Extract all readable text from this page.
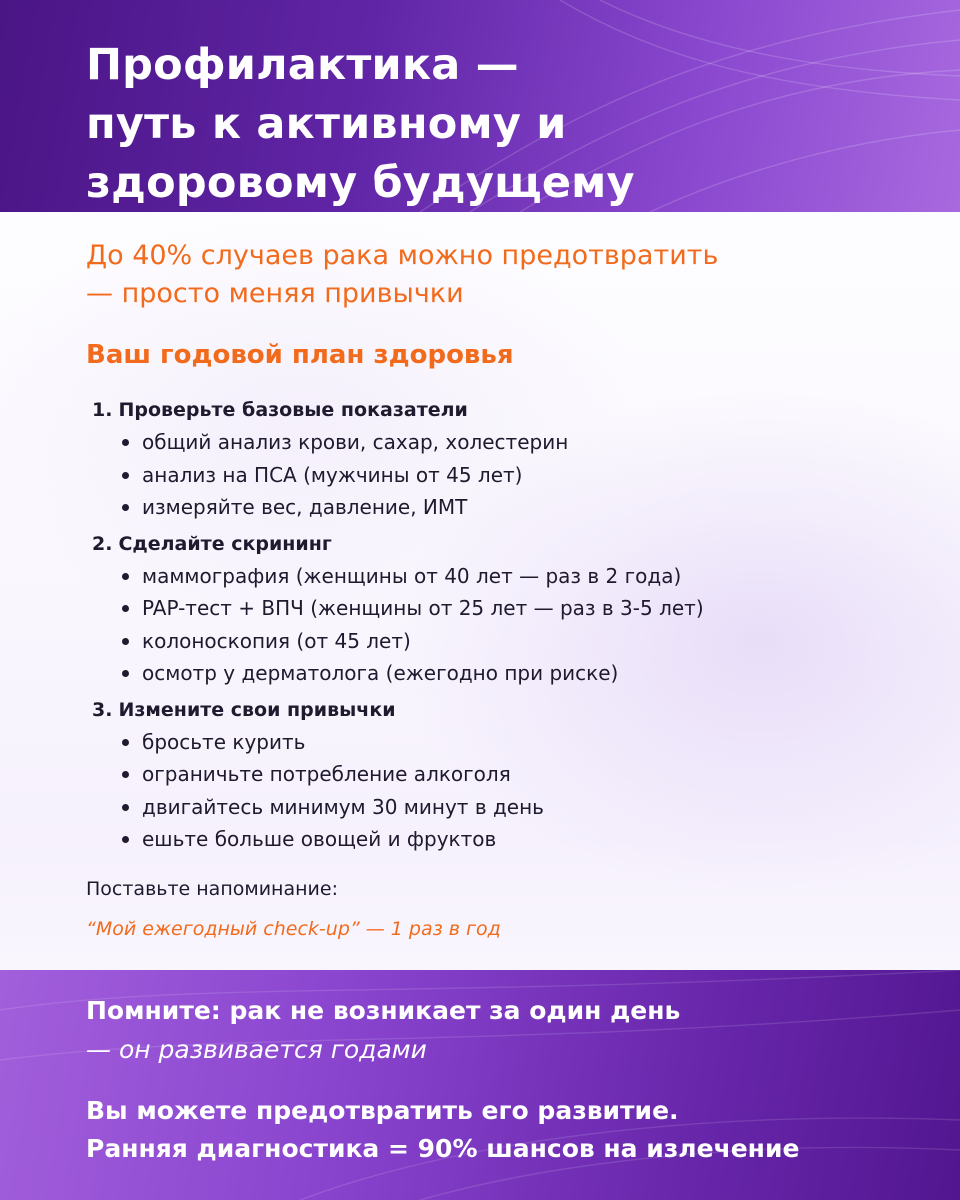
Профилактика —
путь к активному и
здоровому будущему

До 40% случаев рака можно предотвратить
— просто меняя привычки

Ваш годовой план здоровья

1. Проверьте базовые показатели

общий анализ крови, сахар, холестерин
анализ на ПСА (мужчины от 45 лет)
измеряйте вес, давление, ИМТ

2. Сделайте скрининг

маммография (женщины от 40 лет — раз в 2 года)
PAP-тест + ВПЧ (женщины от 25 лет — раз в 3-5 лет)
колоноскопия (от 45 лет)
осмотр у дерматолога (ежегодно при риске)

3. Измените свои привычки

бросьте курить
ограничьте потребление алкоголя
двигайтесь минимум 30 минут в день
ешьте больше овощей и фруктов

Поставьте напоминание:

“Мой ежегодный check-up” — 1 раз в год

Помните: рак не возникает за один день

— он развивается годами

Вы можете предотвратить его развитие.

Ранняя диагностика = 90% шансов на излечение
